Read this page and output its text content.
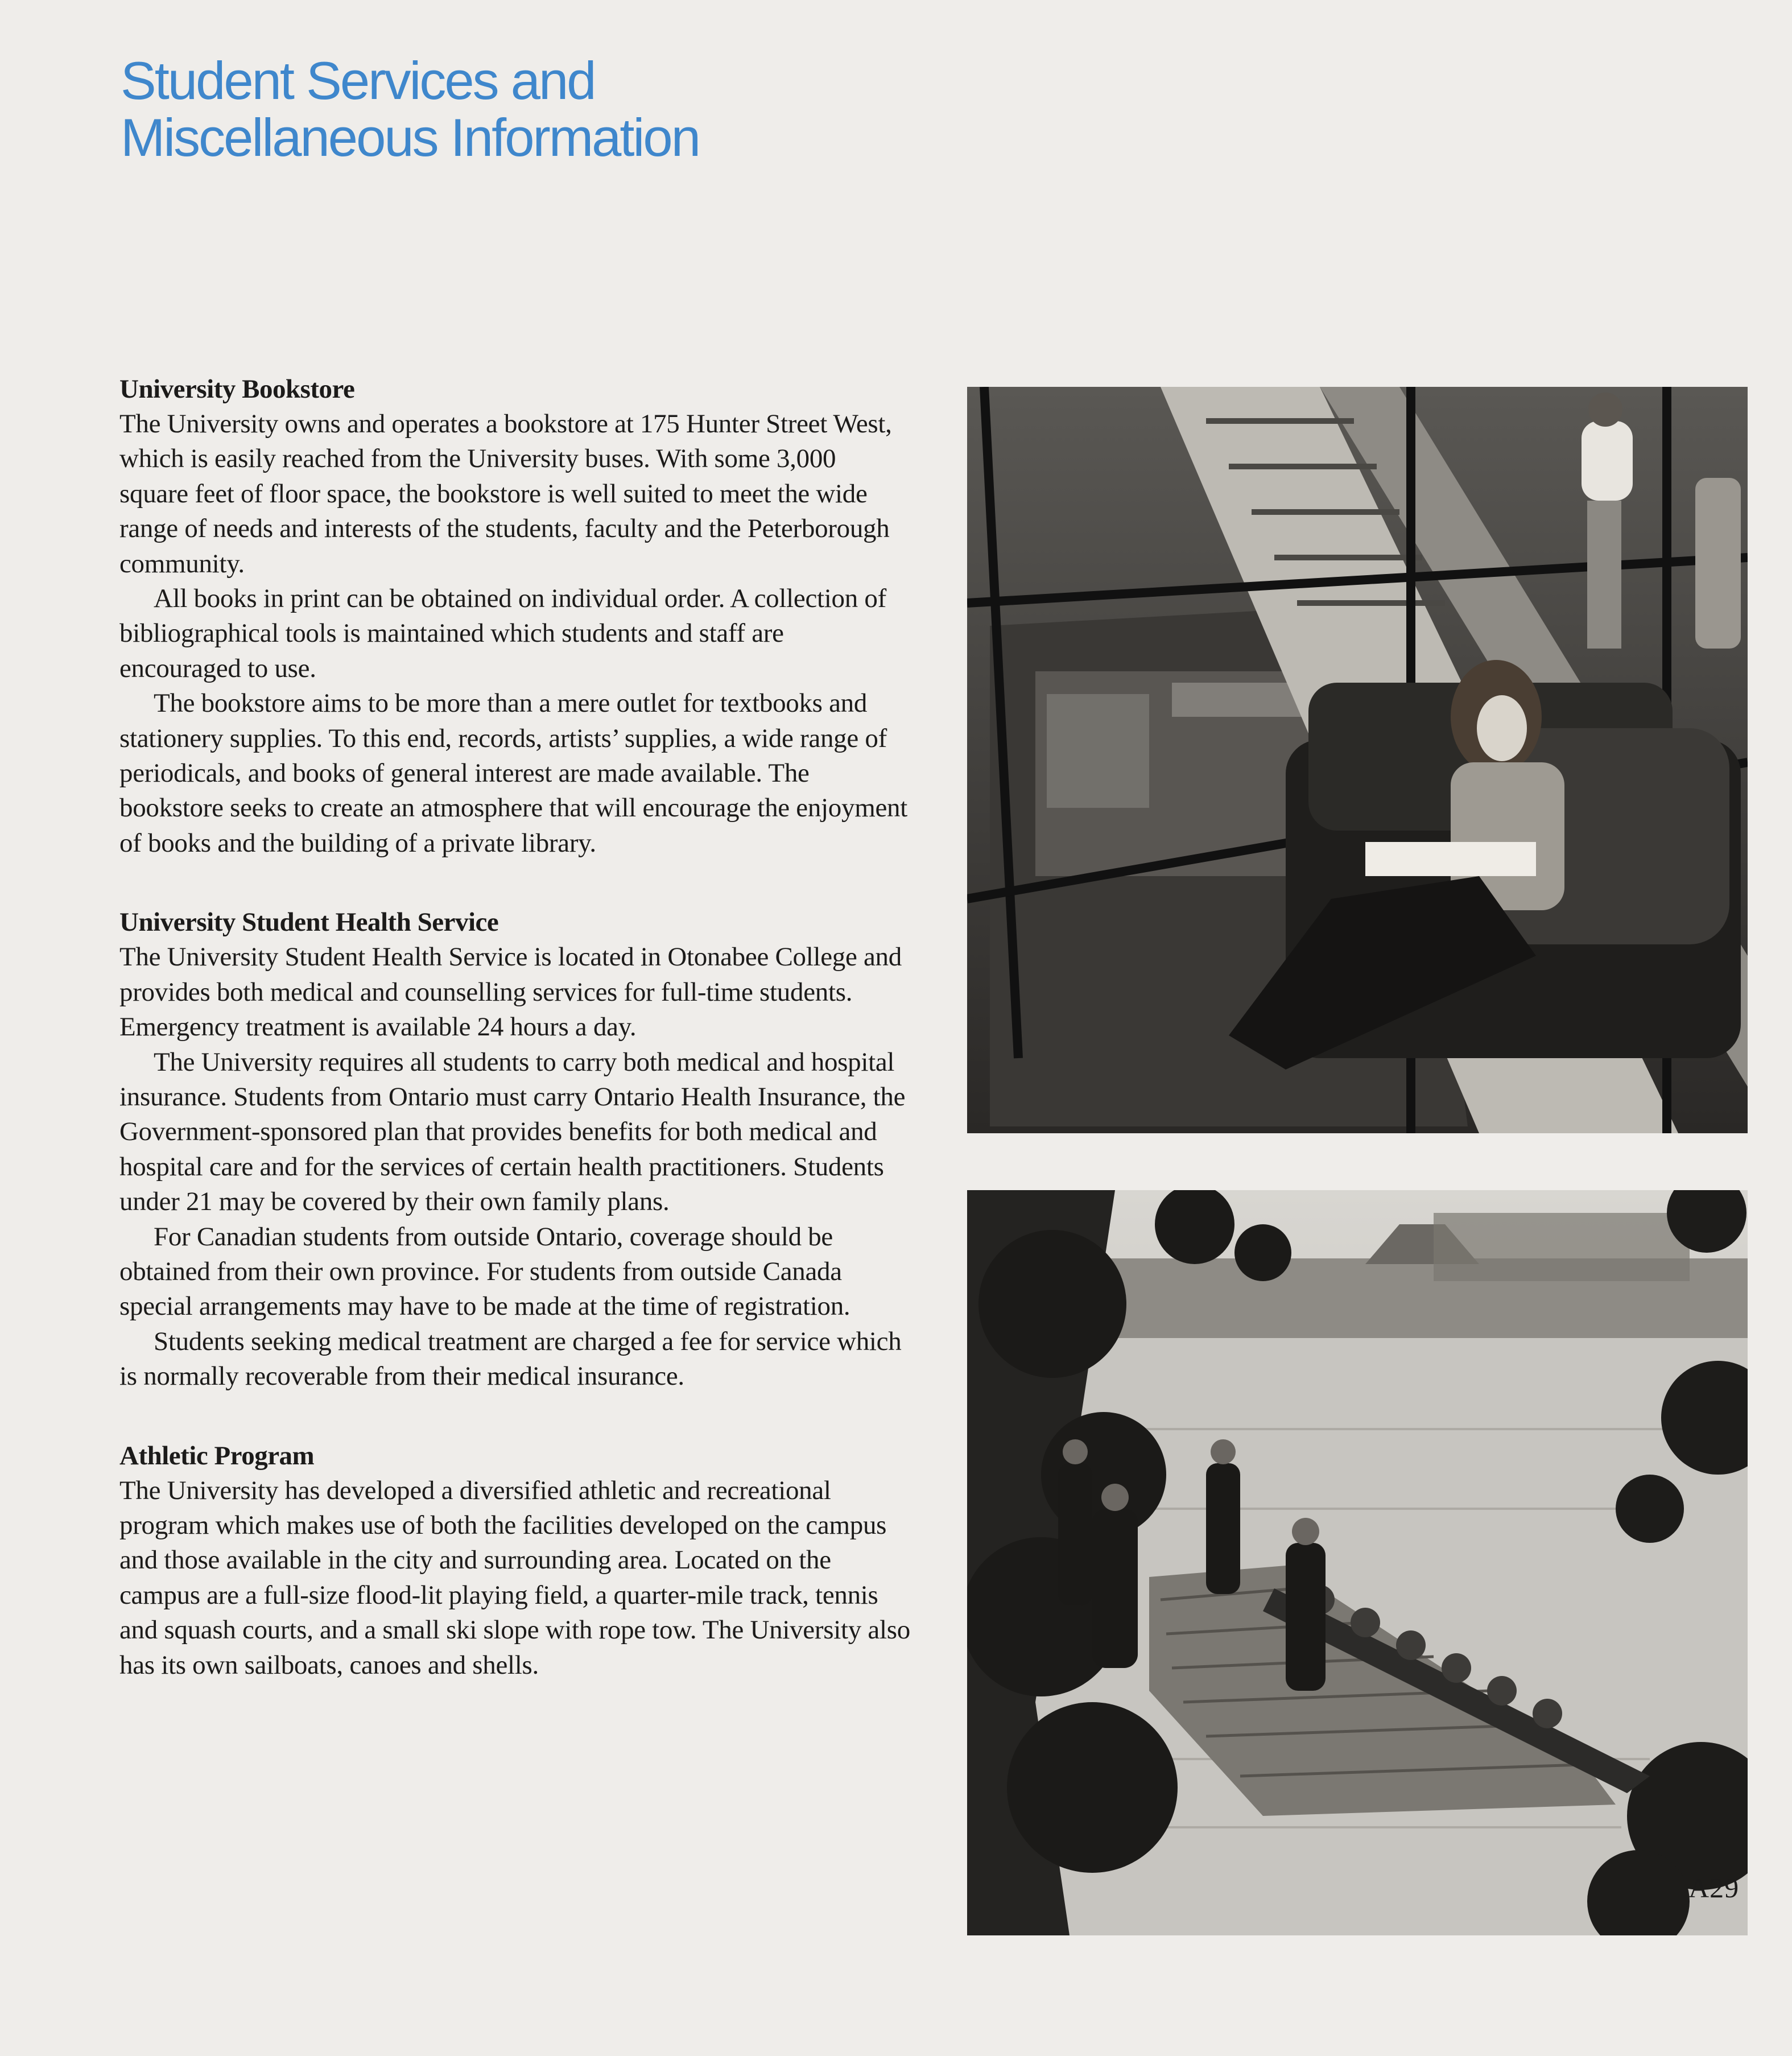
Student Services and
Miscellaneous Information
University Bookstore

The University owns and operates a bookstore at 175 Hunter Street West, which is easily reached from the University buses. With some 3,000 square feet of floor space, the bookstore is well suited to meet the wide range of needs and interests of the students, faculty and the Peterborough community.

All books in print can be obtained on individual order. A collection of bibliographical tools is maintained which students and staff are encouraged to use.

The bookstore aims to be more than a mere outlet for textbooks and stationery supplies. To this end, records, artists’ supplies, a wide range of periodicals, and books of general interest are made available. The bookstore seeks to create an atmosphere that will encourage the enjoyment of books and the building of a private library.

University Student Health Service

The University Student Health Service is located in Otonabee College and provides both medical and counselling services for full-time students. Emergency treatment is available 24 hours a day.

The University requires all students to carry both medical and hospital insurance. Students from Ontario must carry Ontario Health Insurance, the Government-sponsored plan that provides benefits for both medical and hospital care and for the services of certain health practitioners. Students under 21 may be covered by their own family plans.

For Canadian students from outside Ontario, coverage should be obtained from their own province. For students from outside Canada special arrangements may have to be made at the time of registration.

Students seeking medical treatment are charged a fee for service which is normally recoverable from their medical insurance.

Athletic Program

The University has developed a diversified athletic and recreational program which makes use of both the facilities developed on the campus and those available in the city and surrounding area. Located on the campus are a full-size flood-lit playing field, a quarter-mile track, tennis and squash courts, and a small ski slope with rope tow. The University also has its own sailboats, canoes and shells.

A29
